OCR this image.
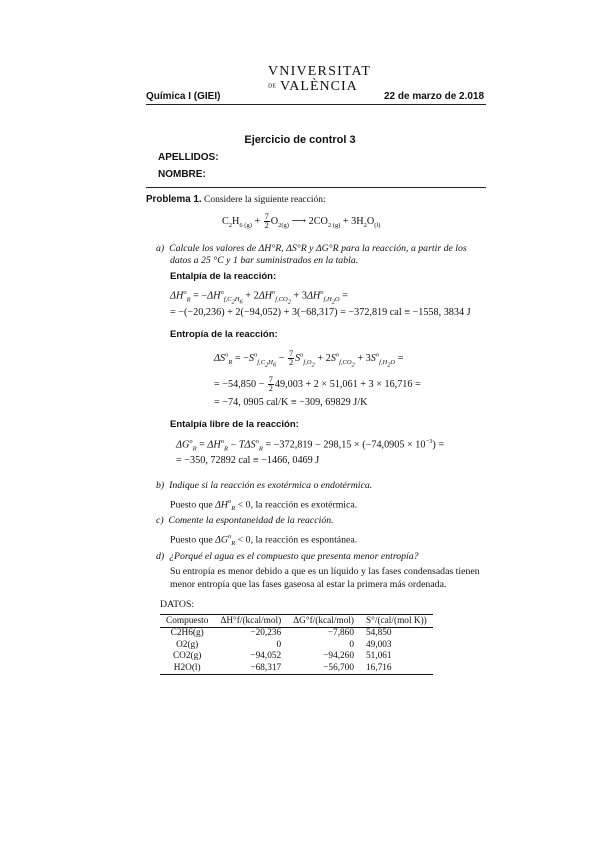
Química I (GIEI)
VNIVERSITAT
DE VALÈNCIA
22 de marzo de 2.018
Ejercicio de control 3
APELLIDOS:
NOMBRE:
Problema 1. Considere la siguiente reacción:
$C_2H_{6 (g)} + \frac{7}{2} O_{2(g)}$ ⟶ $2CO_{2 (g)} + 3H_2O_{(l)}$
a) Calcule los valores de ΔH°R, ΔS°R y ΔG°R para la reacción, a partir de los
datos a 25 °C y 1 bar suministrados en la tabla.
Entalpía de la reacción:
$\Delta H^o_R = -\Delta H^o_{f,C_2H_6} + 2\Delta H^o_{f,CO_2} + 3\Delta H^o_{f,H_2O}$ =
= −(−20,236) + 2(−94,052) + 3(−68,317) = −372,819 cal ≡ −1558, 3834 J
Entropía de la reacción:
$\Delta S^o_R = -S^o_{f,C_2H_6} - \frac{7}{2} S^o_{f,O_2} + 2S^o_{f,CO_2} + 3S^o_{f,H_2O}$ =
= $-54,850 - \frac{7}{2} 49,003 + 2 \times 51,061 + 3 \times 16,716$ =
= −74, 0905 cal/K ≡ −309, 69829 J/K
Entalpía libre de la reacción:
$\Delta G^o_R = \Delta H^o_R - T\Delta S^o_R = -372,819 - 298,15 \times (-74,0905 \times 10^{-3})$ =
= −350, 72892 cal ≡ −1466, 0469 J
b) Indique si la reacción es exotérmica o endotérmica.
Puesto que $\Delta H^o_R < 0$, la reacción es exotérmica.
c) Comente la espontaneidad de la reacción.
Puesto que $\Delta G^o_R < 0$, la reacción es espontánea.
d) ¿Porqué el agua es el compuesto que presenta menor entropía?
Su entropía es menor debido a que es un líquido y las fases condensadas tienen
menor entropía que las fases gaseosa al estar la primera más ordenada.
DATOS:
Compuesto	ΔH°f/(kcal/mol)	ΔG°f/(kcal/mol)	S°/(cal/(mol K))
C2H6(g)	−20,236	−7,860	54,850
O2(g)	0	0	49,003
CO2(g)	−94,052	−94,260	51,061
H2O(l)	−68,317	−56,700	16,716
